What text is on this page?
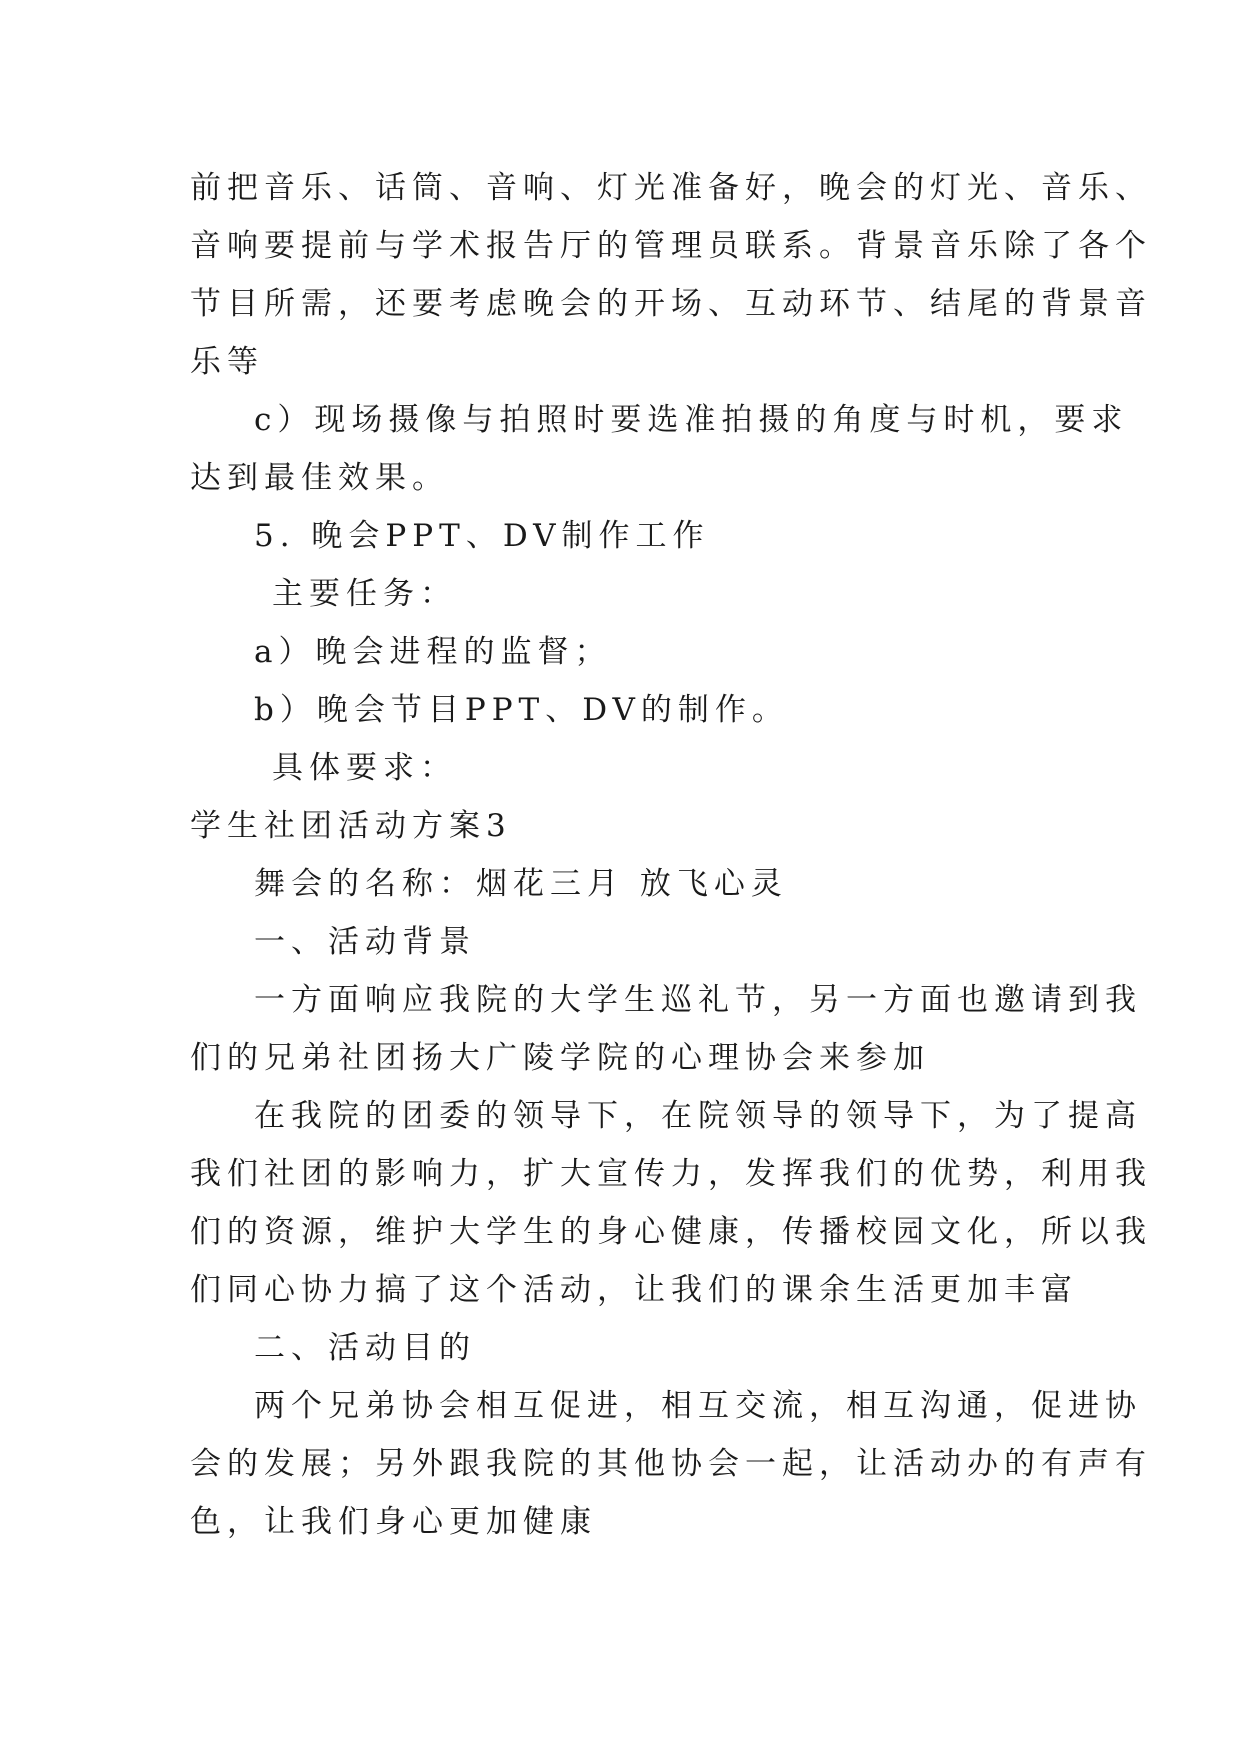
前把音乐、话筒、音响、灯光准备好，晚会的灯光、音乐、
音响要提前与学术报告厅的管理员联系。背景音乐除了各个
节目所需，还要考虑晚会的开场、互动环节、结尾的背景音
乐等
c）现场摄像与拍照时要选准拍摄的角度与时机，要求
达到最佳效果。
5. 晚会PPT、DV制作工作
主要任务：
a）晚会进程的监督；
b）晚会节目PPT、DV的制作。
具体要求：
学生社团活动方案3
舞会的名称：烟花三月 放飞心灵
一、活动背景
一方面响应我院的大学生巡礼节，另一方面也邀请到我
们的兄弟社团扬大广陵学院的心理协会来参加
在我院的团委的领导下，在院领导的领导下，为了提高
我们社团的影响力，扩大宣传力，发挥我们的优势，利用我
们的资源，维护大学生的身心健康，传播校园文化，所以我
们同心协力搞了这个活动，让我们的课余生活更加丰富
二、活动目的
两个兄弟协会相互促进，相互交流，相互沟通，促进协
会的发展；另外跟我院的其他协会一起，让活动办的有声有
色，让我们身心更加健康
